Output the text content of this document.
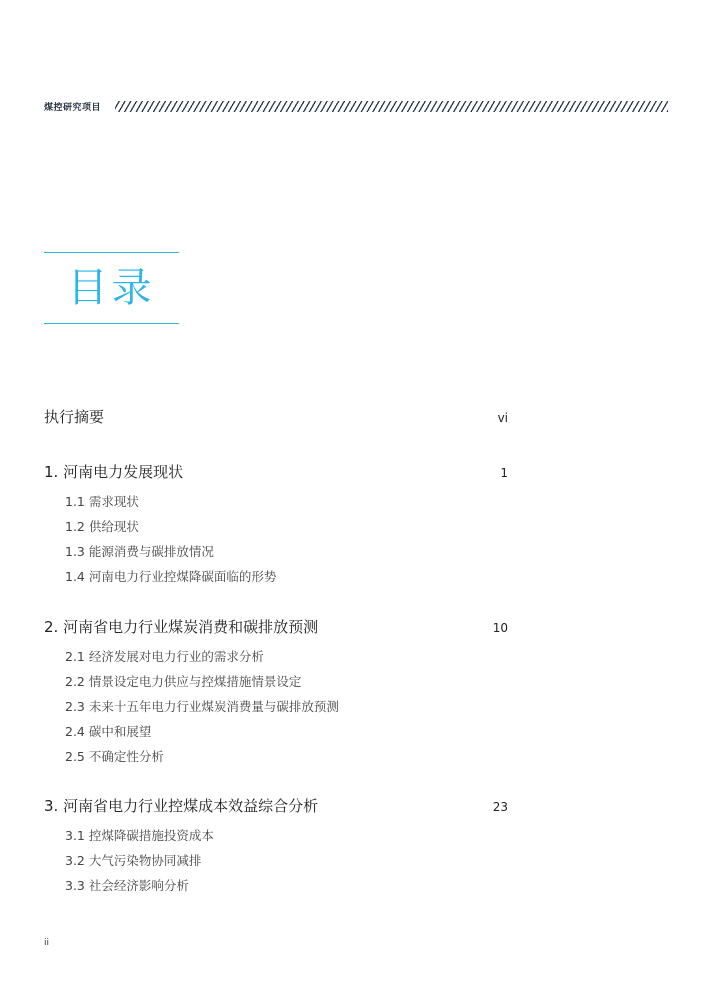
煤控研究项目
目录
执行摘要	vi
1. 河南电力发展现状	1
1.1 需求现状
1.2 供给现状
1.3 能源消费与碳排放情况
1.4 河南电力行业控煤降碳面临的形势
2. 河南省电力行业煤炭消费和碳排放预测	10
2.1 经济发展对电力行业的需求分析
2.2 情景设定电力供应与控煤措施情景设定
2.3 未来十五年电力行业煤炭消费量与碳排放预测
2.4 碳中和展望
2.5 不确定性分析
3. 河南省电力行业控煤成本效益综合分析	23
3.1 控煤降碳措施投资成本
3.2 大气污染物协同减排
3.3 社会经济影响分析
ii
